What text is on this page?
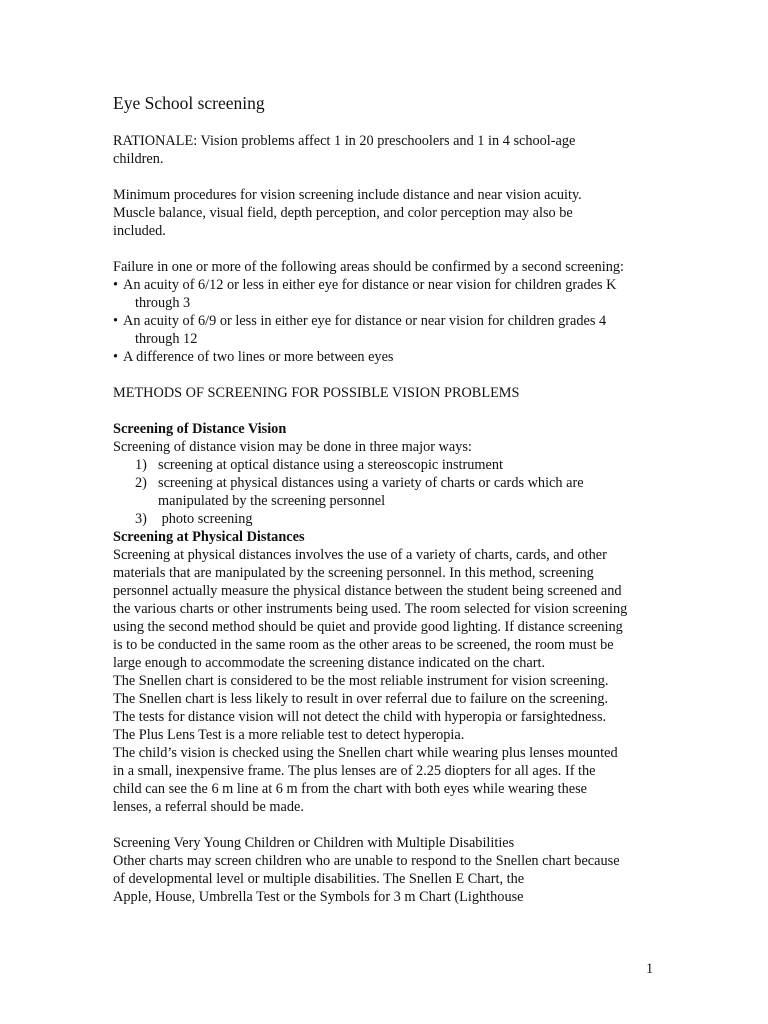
Eye School screening

RATIONALE: Vision problems affect 1 in 20 preschoolers and 1 in 4 school-age children.

Minimum procedures for vision screening include distance and near vision acuity. Muscle balance, visual field, depth perception, and color perception may also be included.

Failure in one or more of the following areas should be confirmed by a second screening:

• An acuity of 6/12 or less in either eye for distance or near vision for children grades K
through 3
• An acuity of 6/9 or less in either eye for distance or near vision for children grades 4
through 12
• A difference of two lines or more between eyes

METHODS OF SCREENING FOR POSSIBLE VISION PROBLEMS

Screening of Distance Vision

Screening of distance vision may be done in three major ways:

1) screening at optical distance using a stereoscopic instrument
2) screening at physical distances using a variety of charts or cards which are
manipulated by the screening personnel
3) photo screening

Screening at Physical Distances

Screening at physical distances involves the use of a variety of charts, cards, and other
materials that are manipulated by the screening personnel. In this method, screening
personnel actually measure the physical distance between the student being screened and
the various charts or other instruments being used. The room selected for vision screening
using the second method should be quiet and provide good lighting. If distance screening
is to be conducted in the same room as the other areas to be screened, the room must be
large enough to accommodate the screening distance indicated on the chart.
The Snellen chart is considered to be the most reliable instrument for vision screening.
The Snellen chart is less likely to result in over referral due to failure on the screening.
The tests for distance vision will not detect the child with hyperopia or farsightedness.
The Plus Lens Test is a more reliable test to detect hyperopia.
The child’s vision is checked using the Snellen chart while wearing plus lenses mounted
in a small, inexpensive frame. The plus lenses are of 2.25 diopters for all ages. If the
child can see the 6 m line at 6 m from the chart with both eyes while wearing these
lenses, a referral should be made.

Screening Very Young Children or Children with Multiple Disabilities

Other charts may screen children who are unable to respond to the Snellen chart because
of developmental level or multiple disabilities. The Snellen E Chart, the
Apple, House, Umbrella Test or the Symbols for 3 m Chart (Lighthouse
1
